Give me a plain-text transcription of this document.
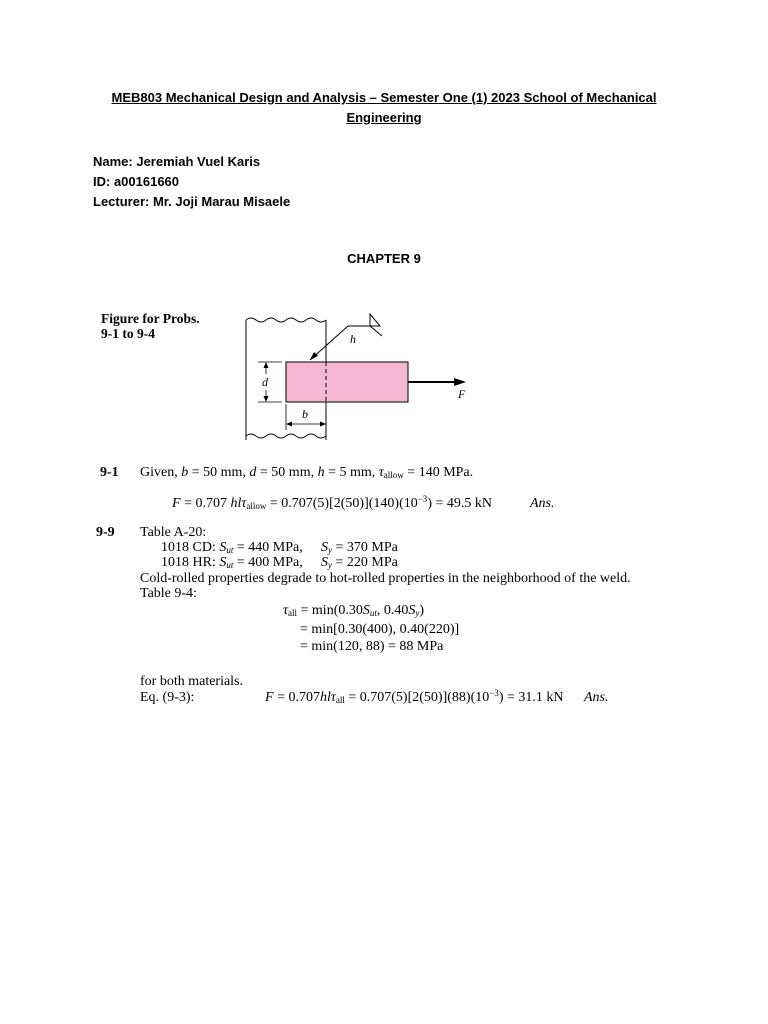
MEB803 Mechanical Design and Analysis – Semester One (1) 2023 School of Mechanical Engineering
Name: Jeremiah Vuel Karis
ID: a00161660
Lecturer: Mr. Joji Marau Misaele
CHAPTER 9
Figure for Probs.
9-1 to 9-4
F
h
d
b
9-1 Given, b = 50 mm, d = 50 mm, h = 5 mm, $\tau_{allow} = 140$ MPa.
F = 0.707 $hl\tau_{allow} = 0.707(5)[2(50)](140)(10^{-3}) = 49.5$ kN	Ans.
9-9 Table A-20:
1018 CD: $S_{ut} = 440$ MPa, $S_y = 370$ MPa
1018 HR: $S_{ut} = 400$ MPa, $S_y = 220$ MPa
Cold-rolled properties degrade to hot-rolled properties in the neighborhood of the weld.
Table 9-4:
$\tau_{all} = \min(0.30S_{ut}$, $0.40S_y$)
= min[0.30(400), 0.40(220)]
= min(120, 88) = 88 MPa
for both materials.
Eq. (9-3):	$F = 0.707hl\tau_{all} = 0.707(5)[2(50)](88)(10^{-3}) = 31.1$ kN Ans.
